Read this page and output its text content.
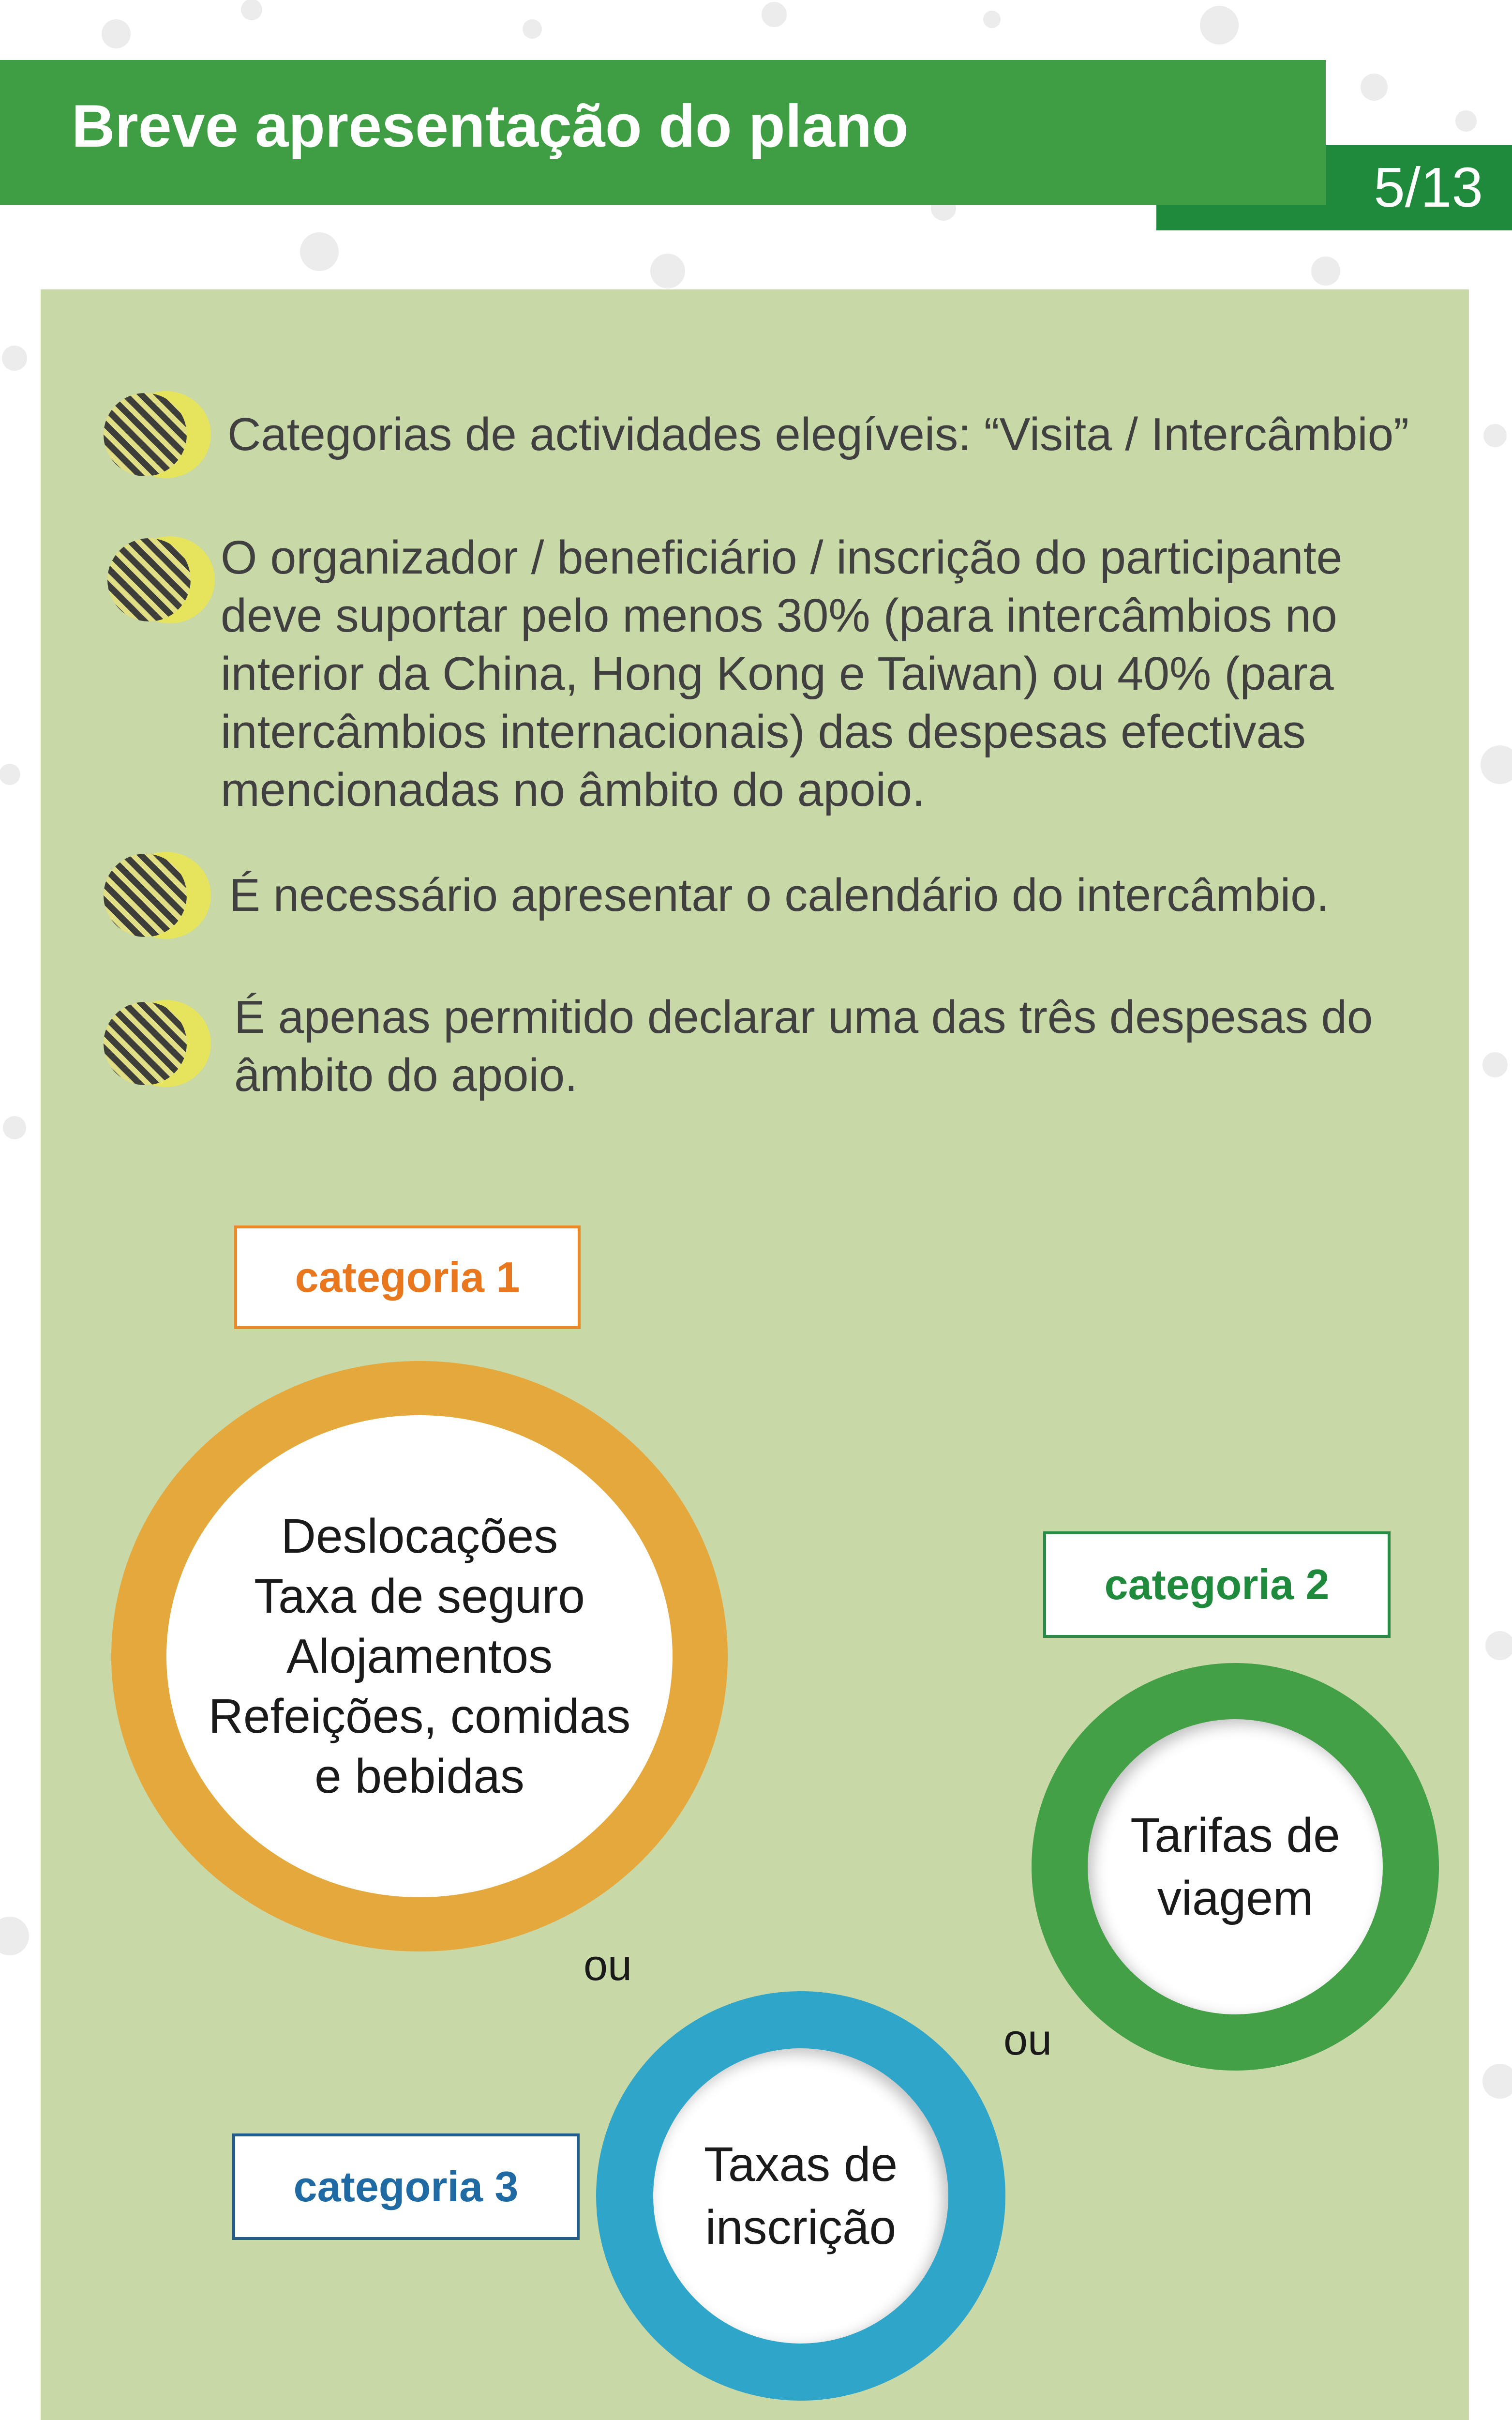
5/13
Breve apresentação do plano
Categorias de actividades elegíveis: “Visita / Intercâmbio”
O organizador / beneficiário / inscrição do participante
deve suportar pelo menos 30% (para intercâmbios no
interior da China, Hong Kong e Taiwan) ou 40% (para
intercâmbios internacionais) das despesas efectivas
mencionadas no âmbito do apoio.
É necessário apresentar o calendário do intercâmbio.
É apenas permitido declarar uma das três despesas do
âmbito do apoio.
categoria 1
Deslocações
Taxa de seguro
Alojamentos
Refeições, comidas
e bebidas
ou
categoria 2
Tarifas de
viagem
ou
categoria 3	Taxas de
inscrição
